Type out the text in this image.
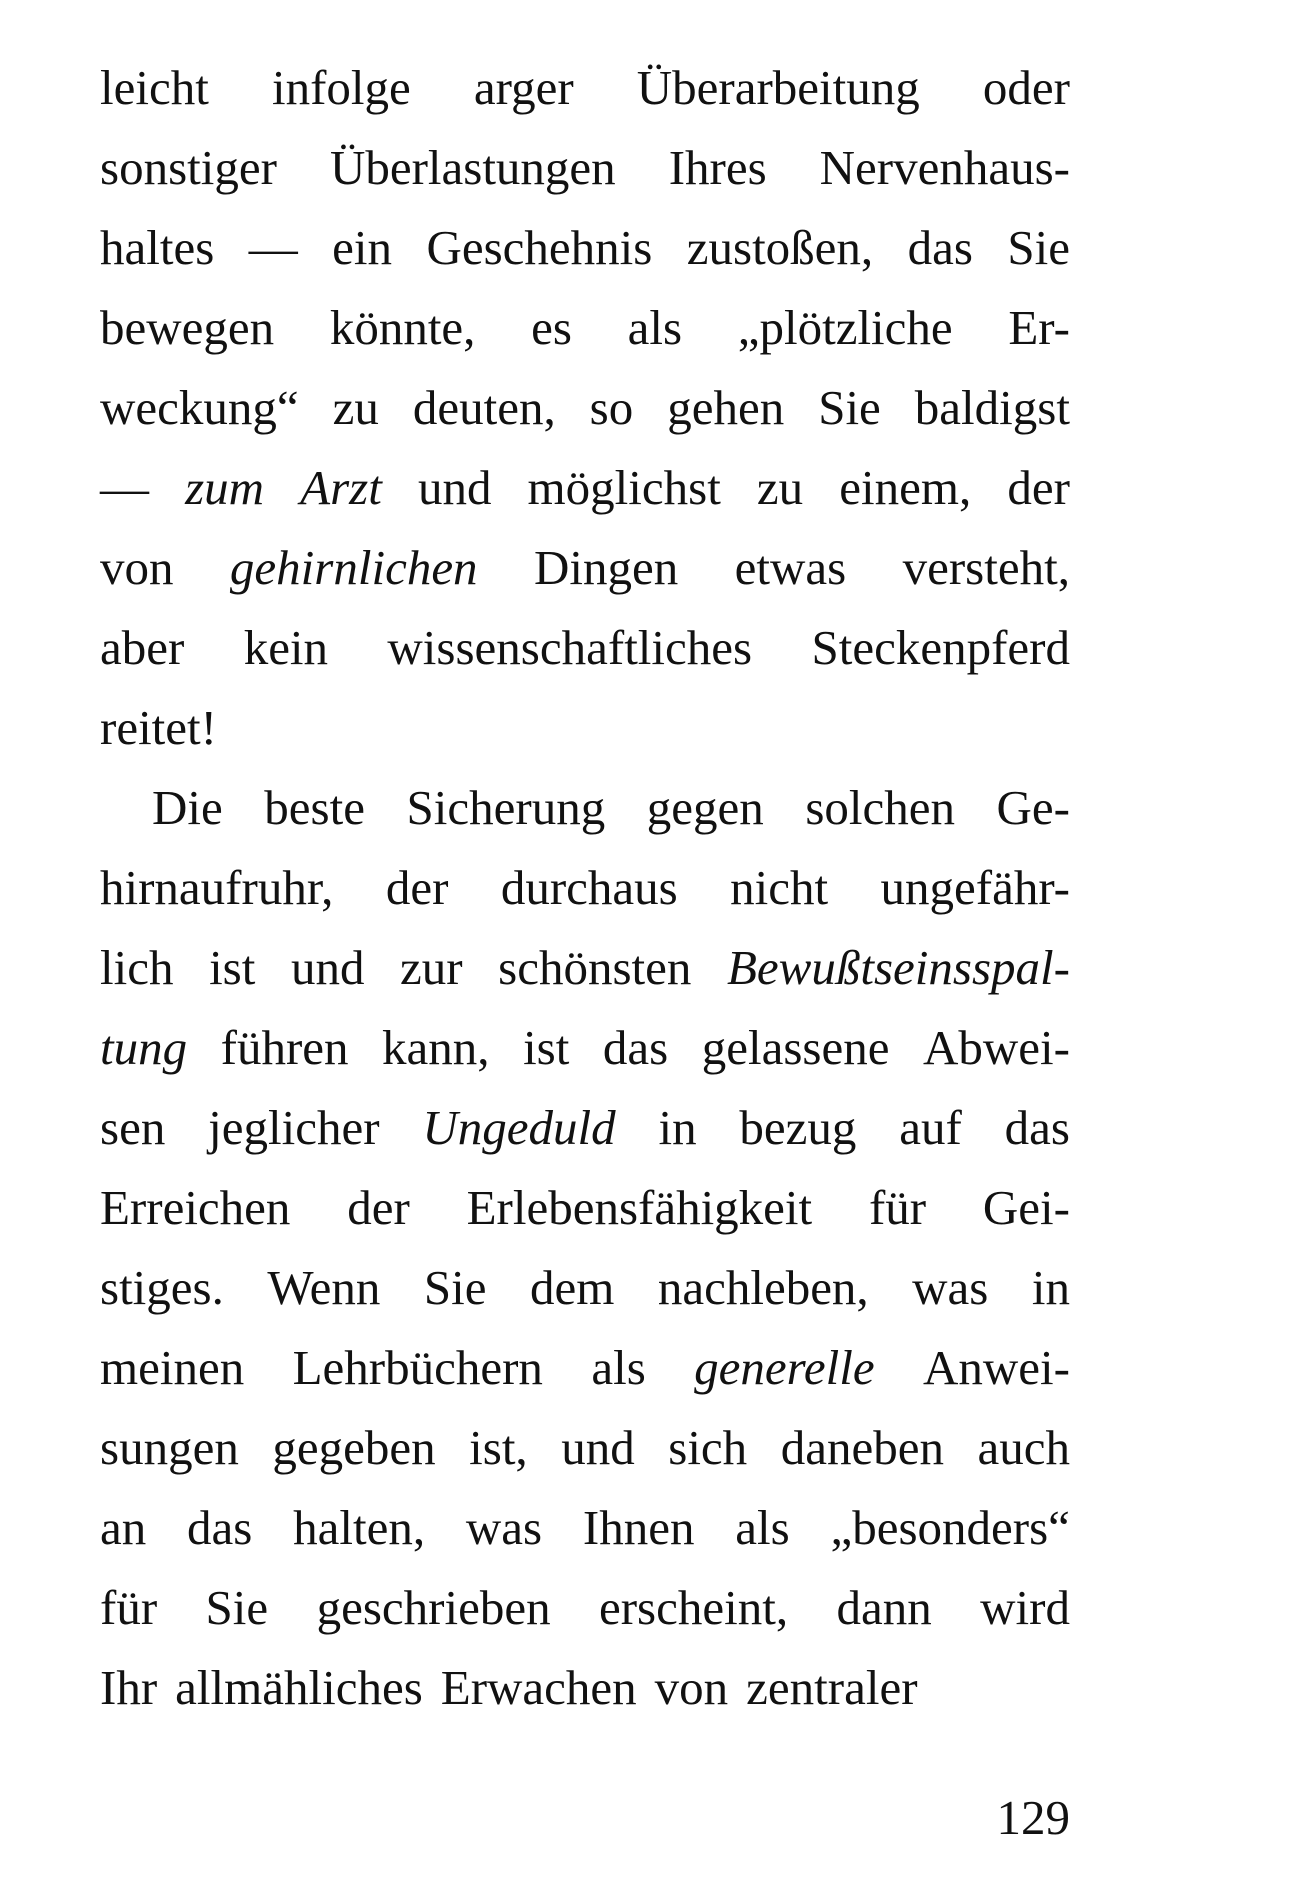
leicht infolge arger Überarbeitung oder
sonstiger Überlastungen Ihres Nervenhaus-
haltes — ein Geschehnis zustoßen, das Sie
bewegen könnte, es als „plötzliche Er-
weckung“ zu deuten, so gehen Sie baldigst
— zum Arzt und möglichst zu einem, der
von gehirnlichen Dingen etwas versteht,
aber kein wissenschaftliches Steckenpferd
reitet!
Die beste Sicherung gegen solchen Ge-
hirnaufruhr, der durchaus nicht ungefähr-
lich ist und zur schönsten Bewußtseinsspal-
tung führen kann, ist das gelassene Abwei-
sen jeglicher Ungeduld in bezug auf das
Erreichen der Erlebensfähigkeit für Gei-
stiges. Wenn Sie dem nachleben, was in
meinen Lehrbüchern als generelle Anwei-
sungen gegeben ist, und sich daneben auch
an das halten, was Ihnen als „besonders“
für Sie geschrieben erscheint, dann wird
Ihr allmähliches Erwachen von zentraler
129
